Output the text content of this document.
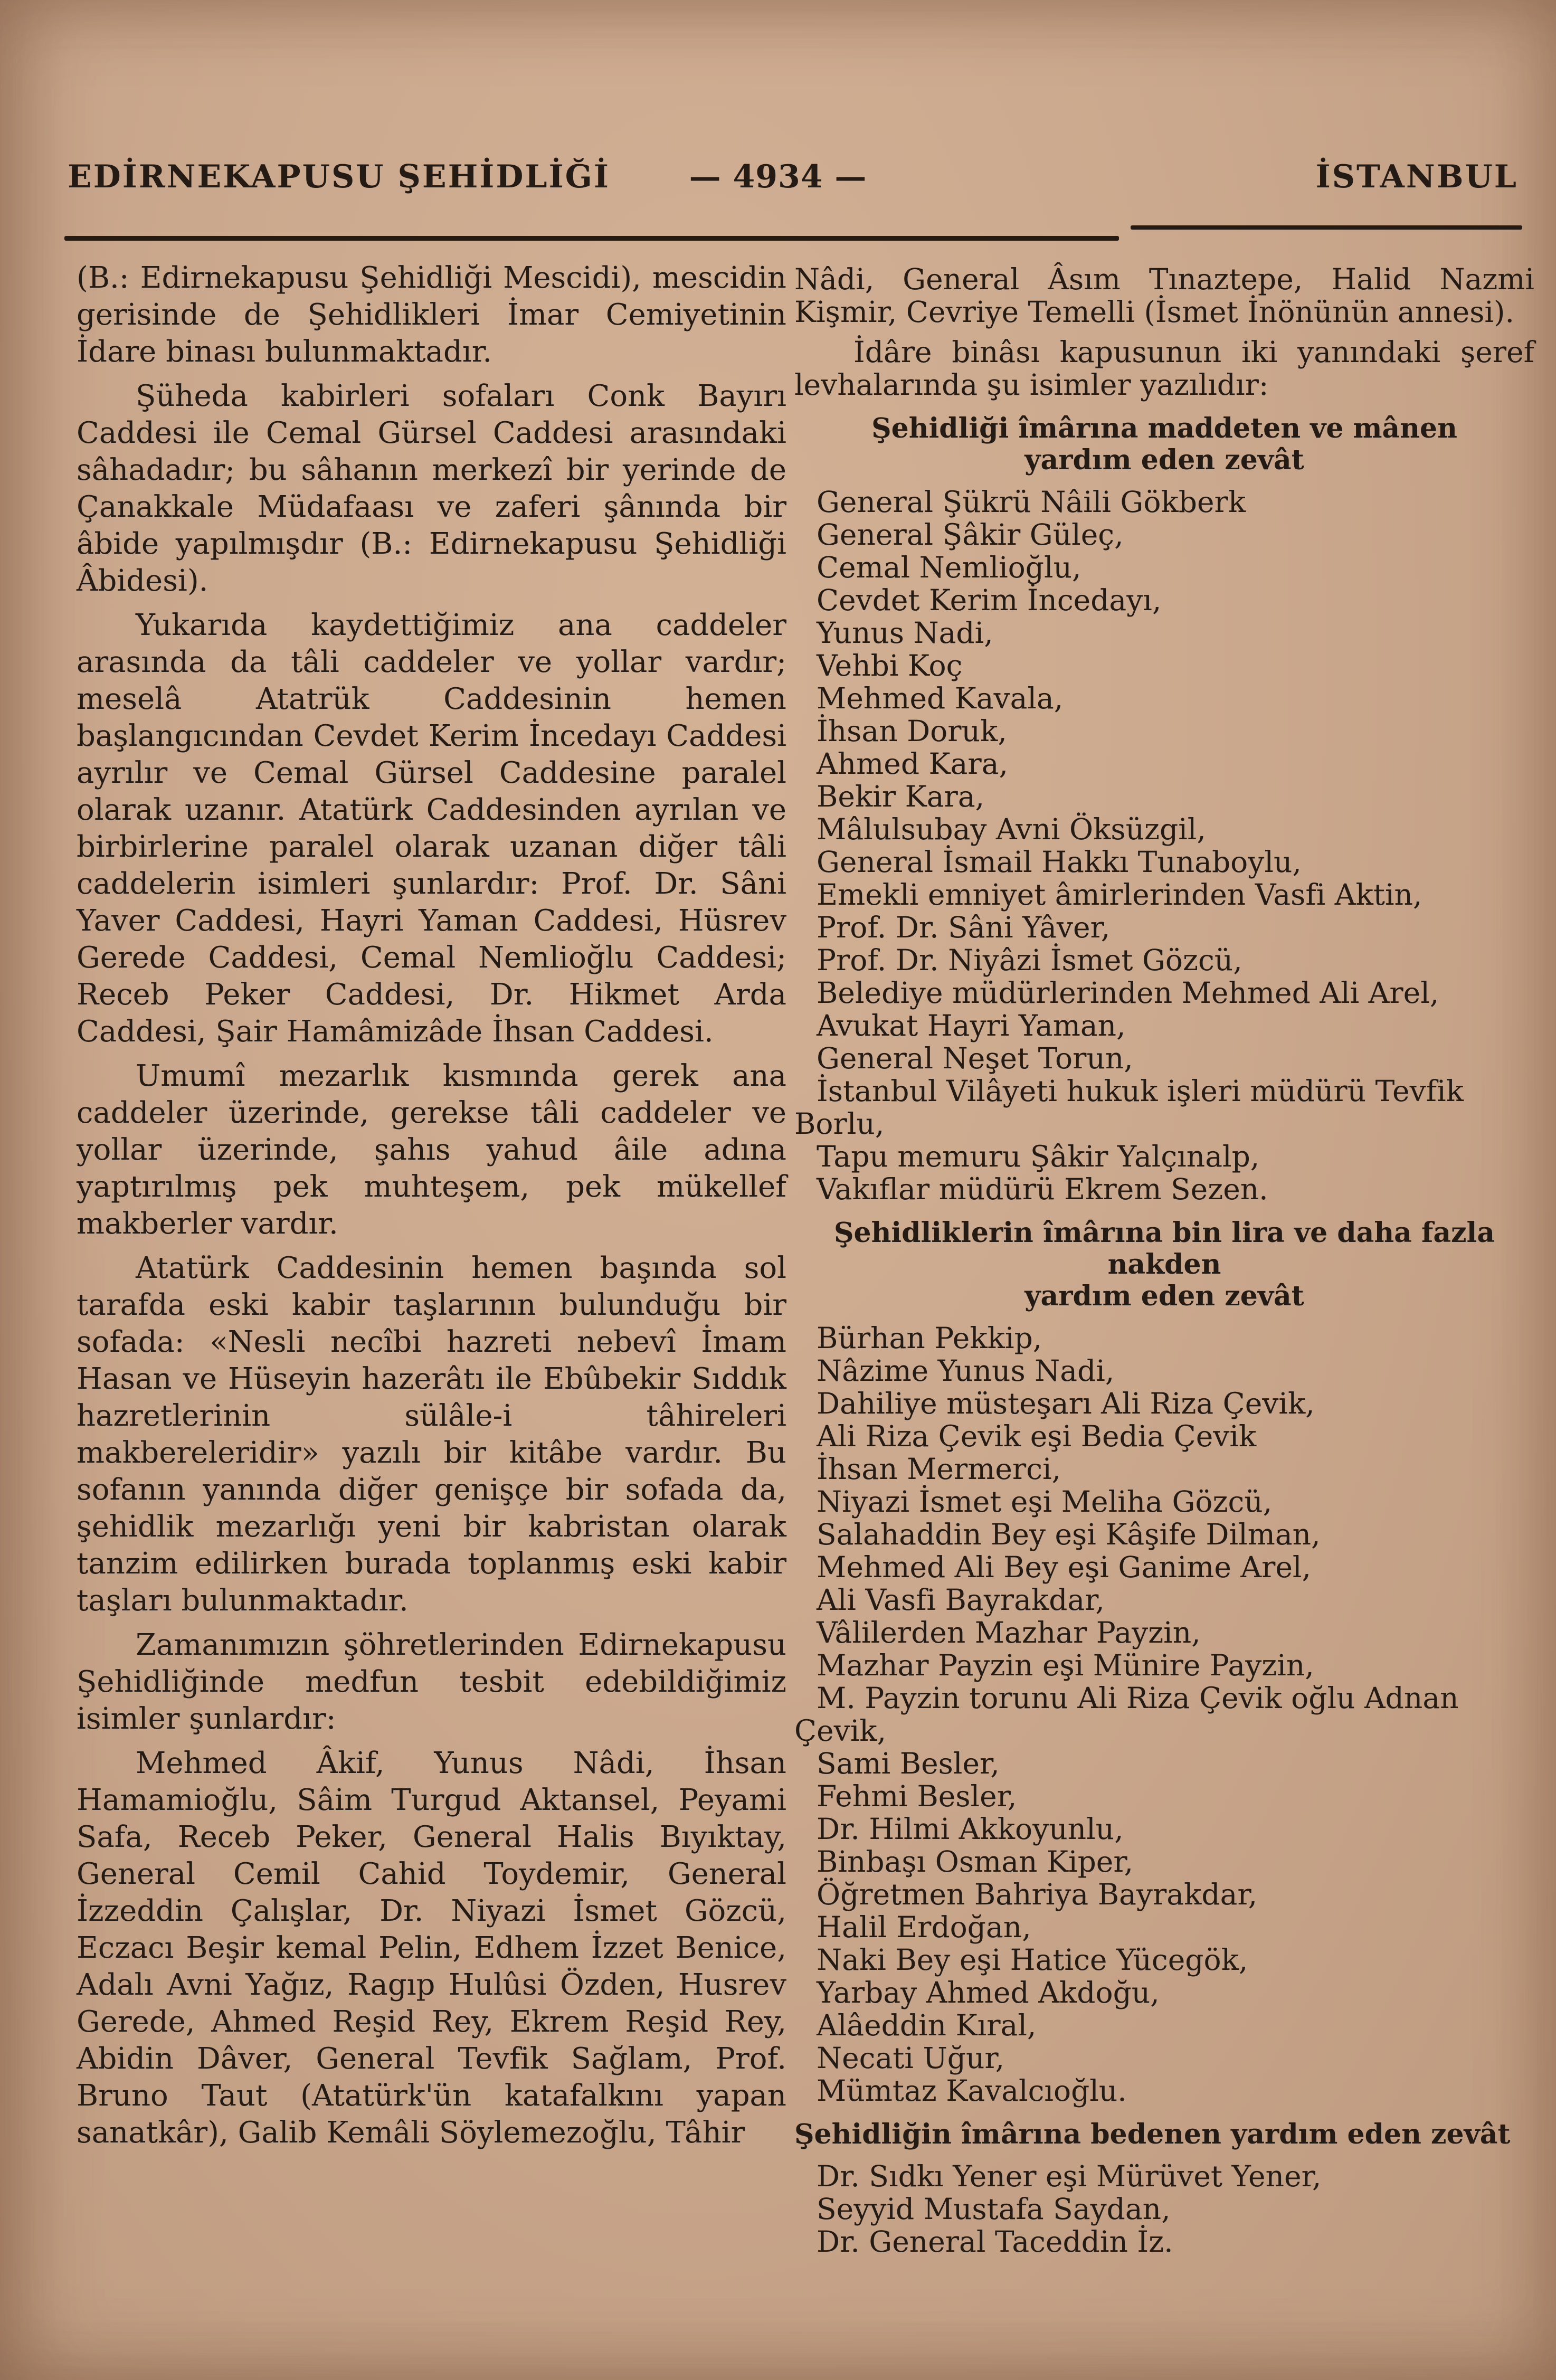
EDİRNEKAPUSU ŞEHİDLİĞİ — 4934 —	İSTANBUL

(B.: Edirnekapusu Şehidliği Mescidi), mescidin gerisinde de Şehidlikleri İmar Cemiyetinin İdare binası bulunmaktadır.

Şüheda kabirleri sofaları Conk Bayırı Caddesi ile Cemal Gürsel Caddesi arasındaki sâhadadır; bu sâhanın merkezî bir yerinde de Çanakkale Müdafaası ve zaferi şânında bir âbide yapılmışdır (B.: Edirnekapusu Şehidliği Âbidesi).

Yukarıda kaydettiğimiz ana caddeler arasında da tâli caddeler ve yollar vardır; meselâ Atatrük Caddesinin hemen başlangıcından Cevdet Kerim İncedayı Caddesi ayrılır ve Cemal Gürsel Caddesine paralel olarak uzanır. Atatürk Caddesinden ayrılan ve birbirlerine paralel olarak uzanan diğer tâli caddelerin isimleri şunlardır: Prof. Dr. Sâni Yaver Caddesi, Hayri Yaman Caddesi, Hüsrev Gerede Caddesi, Cemal Nemlioğlu Caddesi; Receb Peker Caddesi, Dr. Hikmet Arda Caddesi, Şair Hamâmizâde İhsan Caddesi.

Umumî mezarlık kısmında gerek ana caddeler üzerinde, gerekse tâli caddeler ve yollar üzerinde, şahıs yahud âile adına yaptırılmış pek muhteşem, pek mükellef makberler vardır.

Atatürk Caddesinin hemen başında sol tarafda eski kabir taşlarının bulunduğu bir sofada: «Nesli necîbi hazreti nebevî İmam Hasan ve Hüseyin hazerâtı ile Ebûbekir Sıddık hazretlerinin sülâle-i tâhireleri makbereleridir» yazılı bir kitâbe vardır. Bu sofanın yanında diğer genişçe bir sofada da, şehidlik mezarlığı yeni bir kabristan olarak tanzim edilirken burada toplanmış eski kabir taşları bulunmaktadır.

Zamanımızın şöhretlerinden Edirnekapusu Şehidliğinde medfun tesbit edebildiğimiz isimler şunlardır:

Mehmed Âkif, Yunus Nâdi, İhsan Hamamioğlu, Sâim Turgud Aktansel, Peyami Safa, Receb Peker, General Halis Bıyıktay, General Cemil Cahid Toydemir, General İzzeddin Çalışlar, Dr. Niyazi İsmet Gözcü, Eczacı Beşir kemal Pelin, Edhem İzzet Benice, Adalı Avni Yağız, Ragıp Hulûsi Özden, Husrev Gerede, Ahmed Reşid Rey, Ekrem Reşid Rey, Abidin Dâver, General Tevfik Sağlam, Prof. Bruno Taut (Atatürk'ün katafalkını yapan sanatkâr), Galib Kemâli Söylemezoğlu, Tâhir

Nâdi, General Âsım Tınaztepe, Halid Nazmi Kişmir, Cevriye Temelli (İsmet İnönünün annesi).

İdâre binâsı kapusunun iki yanındaki şeref levhalarında şu isimler yazılıdır:

Şehidliği îmârına maddeten ve mânen
yardım eden zevât
General Şükrü Nâili Gökberk
General Şâkir Güleç,
Cemal Nemlioğlu,
Cevdet Kerim İncedayı,
Yunus Nadi,
Vehbi Koç
Mehmed Kavala,
İhsan Doruk,
Ahmed Kara,
Bekir Kara,
Mâlulsubay Avni Öksüzgil,
General İsmail Hakkı Tunaboylu,
Emekli emniyet âmirlerinden Vasfi Aktin,
Prof. Dr. Sâni Yâver,
Prof. Dr. Niyâzi İsmet Gözcü,
Belediye müdürlerinden Mehmed Ali Arel,
Avukat Hayri Yaman,
General Neşet Torun,
İstanbul Vilâyeti hukuk işleri müdürü Tevfik Borlu,
Tapu memuru Şâkir Yalçınalp,
Vakıflar müdürü Ekrem Sezen.
Şehidliklerin îmârına bin lira ve daha fazla nakden
yardım eden zevât
Bürhan Pekkip,
Nâzime Yunus Nadi,
Dahiliye müsteşarı Ali Riza Çevik,
Ali Riza Çevik eşi Bedia Çevik
İhsan Mermerci,
Niyazi İsmet eşi Meliha Gözcü,
Salahaddin Bey eşi Kâşife Dilman,
Mehmed Ali Bey eşi Ganime Arel,
Ali Vasfi Bayrakdar,
Vâlilerden Mazhar Payzin,
Mazhar Payzin eşi Münire Payzin,
M. Payzin torunu Ali Riza Çevik oğlu Adnan Çevik,
Sami Besler,
Fehmi Besler,
Dr. Hilmi Akkoyunlu,
Binbaşı Osman Kiper,
Öğretmen Bahriya Bayrakdar,
Halil Erdoğan,
Naki Bey eşi Hatice Yücegök,
Yarbay Ahmed Akdoğu,
Alâeddin Kıral,
Necati Uğur,
Mümtaz Kavalcıoğlu.
Şehidliğin îmârına bedenen yardım eden zevât
Dr. Sıdkı Yener eşi Mürüvet Yener,
Seyyid Mustafa Saydan,
Dr. General Taceddin İz.
